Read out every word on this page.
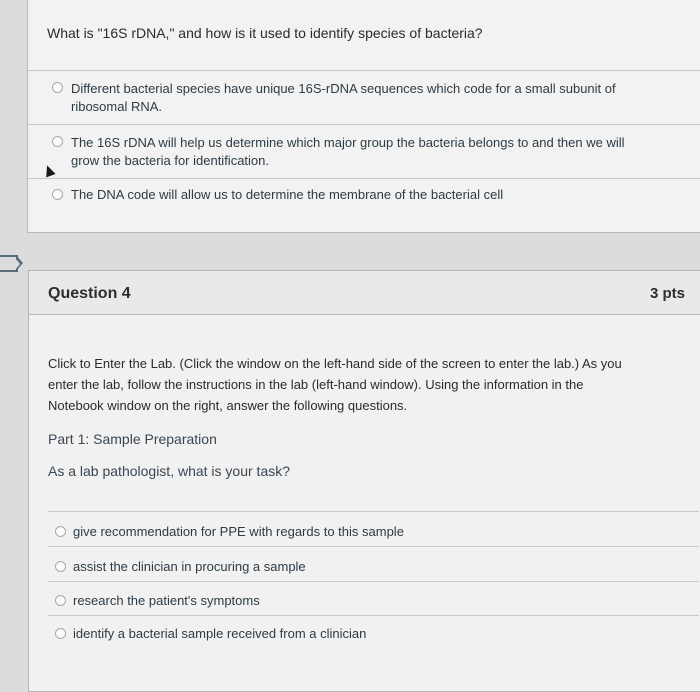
What is "16S rDNA," and how is it used to identify species of bacteria?
Different bacterial species have unique 16S-rDNA sequences which code for a small subunit of
ribosomal RNA.
The 16S rDNA will help us determine which major group the bacteria belongs to and then we will
grow the bacteria for identification.
The DNA code will allow us to determine the membrane of the bacterial cell
Question 4	3 pts
Click to Enter the Lab. (Click the window on the left-hand side of the screen to enter the lab.) As you
enter the lab, follow the instructions in the lab (left-hand window). Using the information in the
Notebook window on the right, answer the following questions.
Part 1: Sample Preparation
As a lab pathologist, what is your task?
give recommendation for PPE with regards to this sample
assist the clinician in procuring a sample
research the patient's symptoms
identify a bacterial sample received from a clinician
